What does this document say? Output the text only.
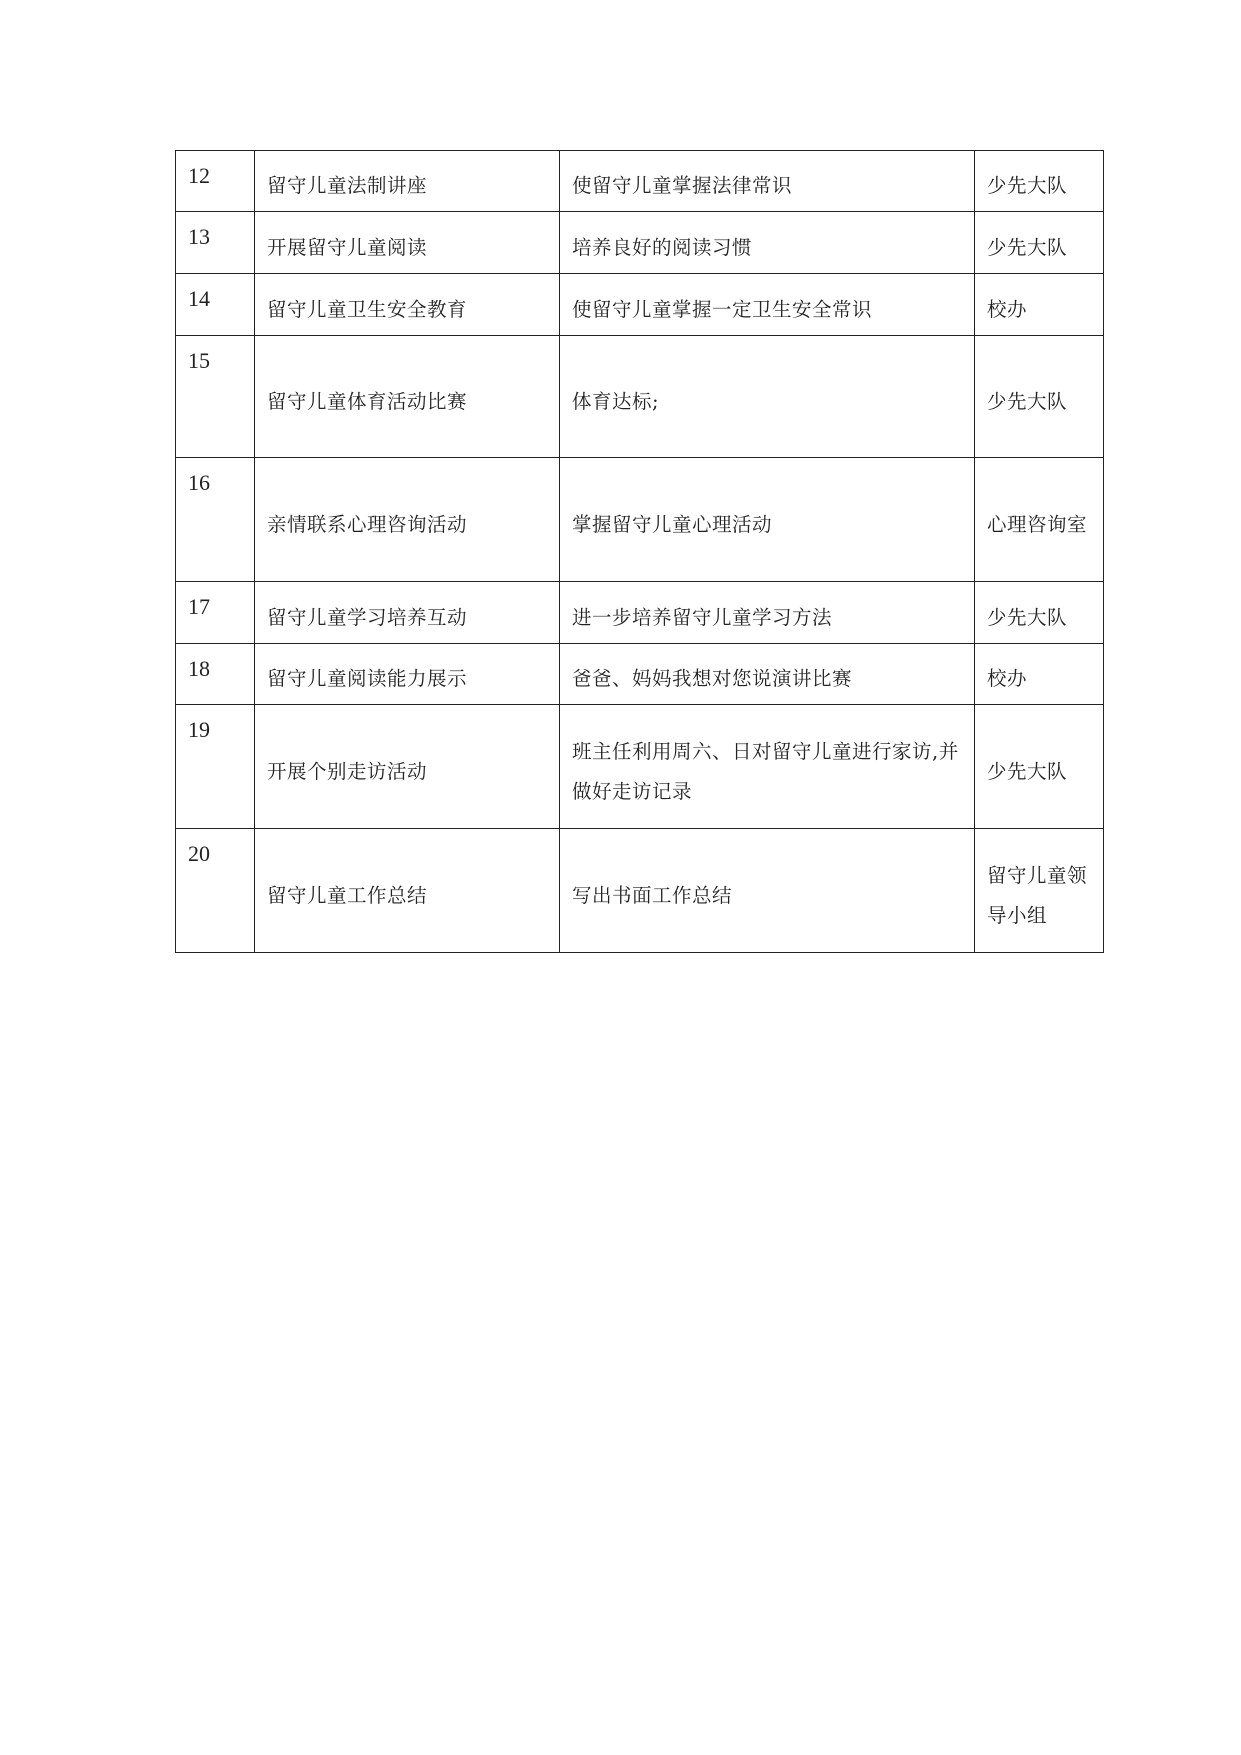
12	留守儿童法制讲座	使留守儿童掌握法律常识	少先大队

13	开展留守儿童阅读	培养良好的阅读习惯	少先大队

14	留守儿童卫生安全教育	使留守儿童掌握一定卫生安全常识	校办

15	留守儿童体育活动比赛	体育达标;	少先大队

16	亲情联系心理咨询活动	掌握留守儿童心理活动	心理咨询室

17	留守儿童学习培养互动	进一步培养留守儿童学习方法	少先大队

18	留守儿童阅读能力展示	爸爸、妈妈我想对您说演讲比赛	校办

19	开展个别走访活动	班主任利用周六、日对留守儿童进行家访,并做好走访记录	少先大队

20	留守儿童工作总结	写出书面工作总结	留守儿童领导小组
